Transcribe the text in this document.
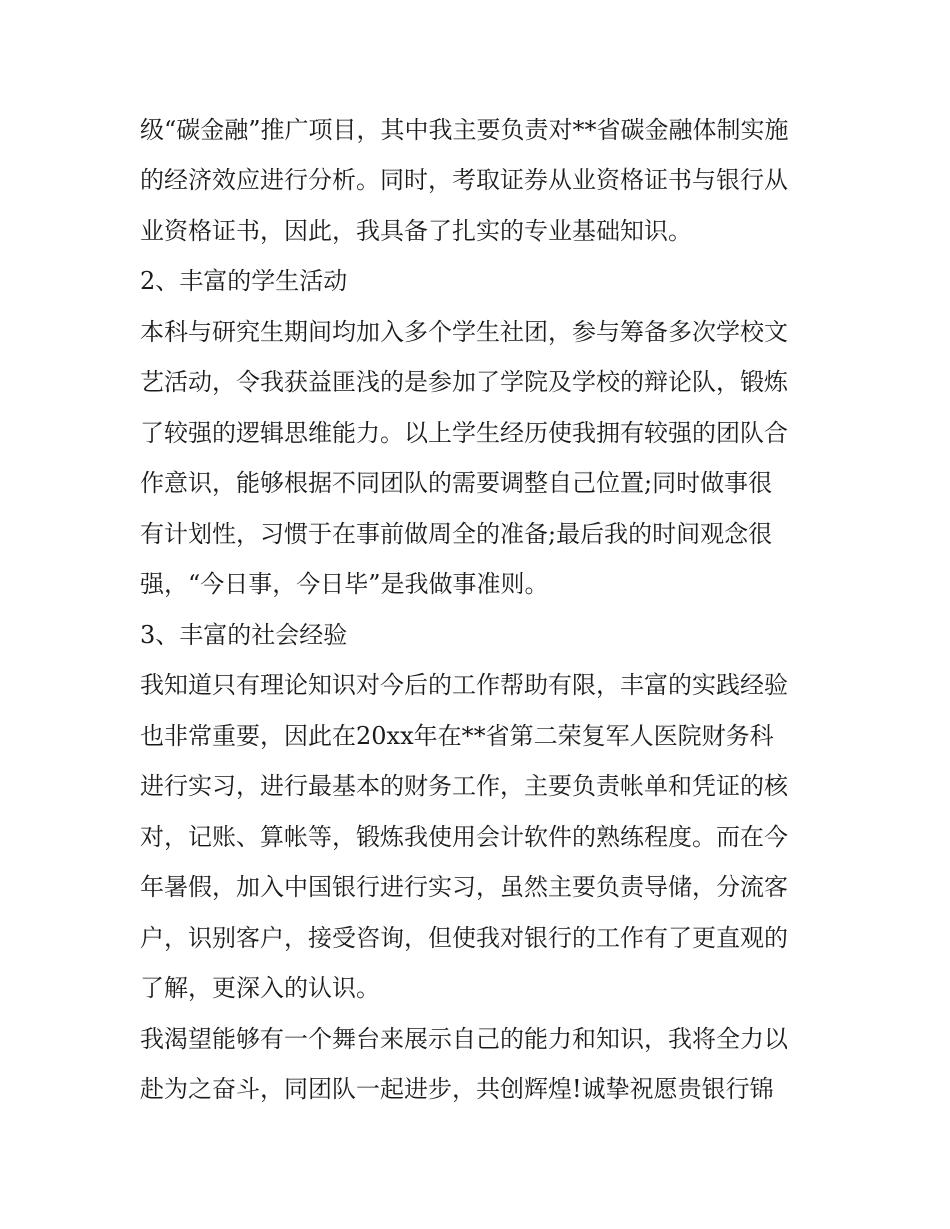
级“碳金融”推广项目，其中我主要负责对**省碳金融体制实施

的经济效应进行分析。同时，考取证券从业资格证书与银行从

业资格证书，因此，我具备了扎实的专业基础知识。

2、丰富的学生活动

本科与研究生期间均加入多个学生社团，参与筹备多次学校文

艺活动，令我获益匪浅的是参加了学院及学校的辩论队，锻炼

了较强的逻辑思维能力。以上学生经历使我拥有较强的团队合

作意识，能够根据不同团队的需要调整自己位置;同时做事很

有计划性，习惯于在事前做周全的准备;最后我的时间观念很

强，“今日事，今日毕”是我做事准则。

3、丰富的社会经验

我知道只有理论知识对今后的工作帮助有限，丰富的实践经验

也非常重要，因此在20xx年在**省第二荣复军人医院财务科

进行实习，进行最基本的财务工作，主要负责帐单和凭证的核

对，记账、算帐等，锻炼我使用会计软件的熟练程度。而在今

年暑假，加入中国银行进行实习，虽然主要负责导储，分流客

户，识别客户，接受咨询，但使我对银行的工作有了更直观的

了解，更深入的认识。

我渴望能够有一个舞台来展示自己的能力和知识，我将全力以

赴为之奋斗，同团队一起进步，共创辉煌!诚挚祝愿贵银行锦
